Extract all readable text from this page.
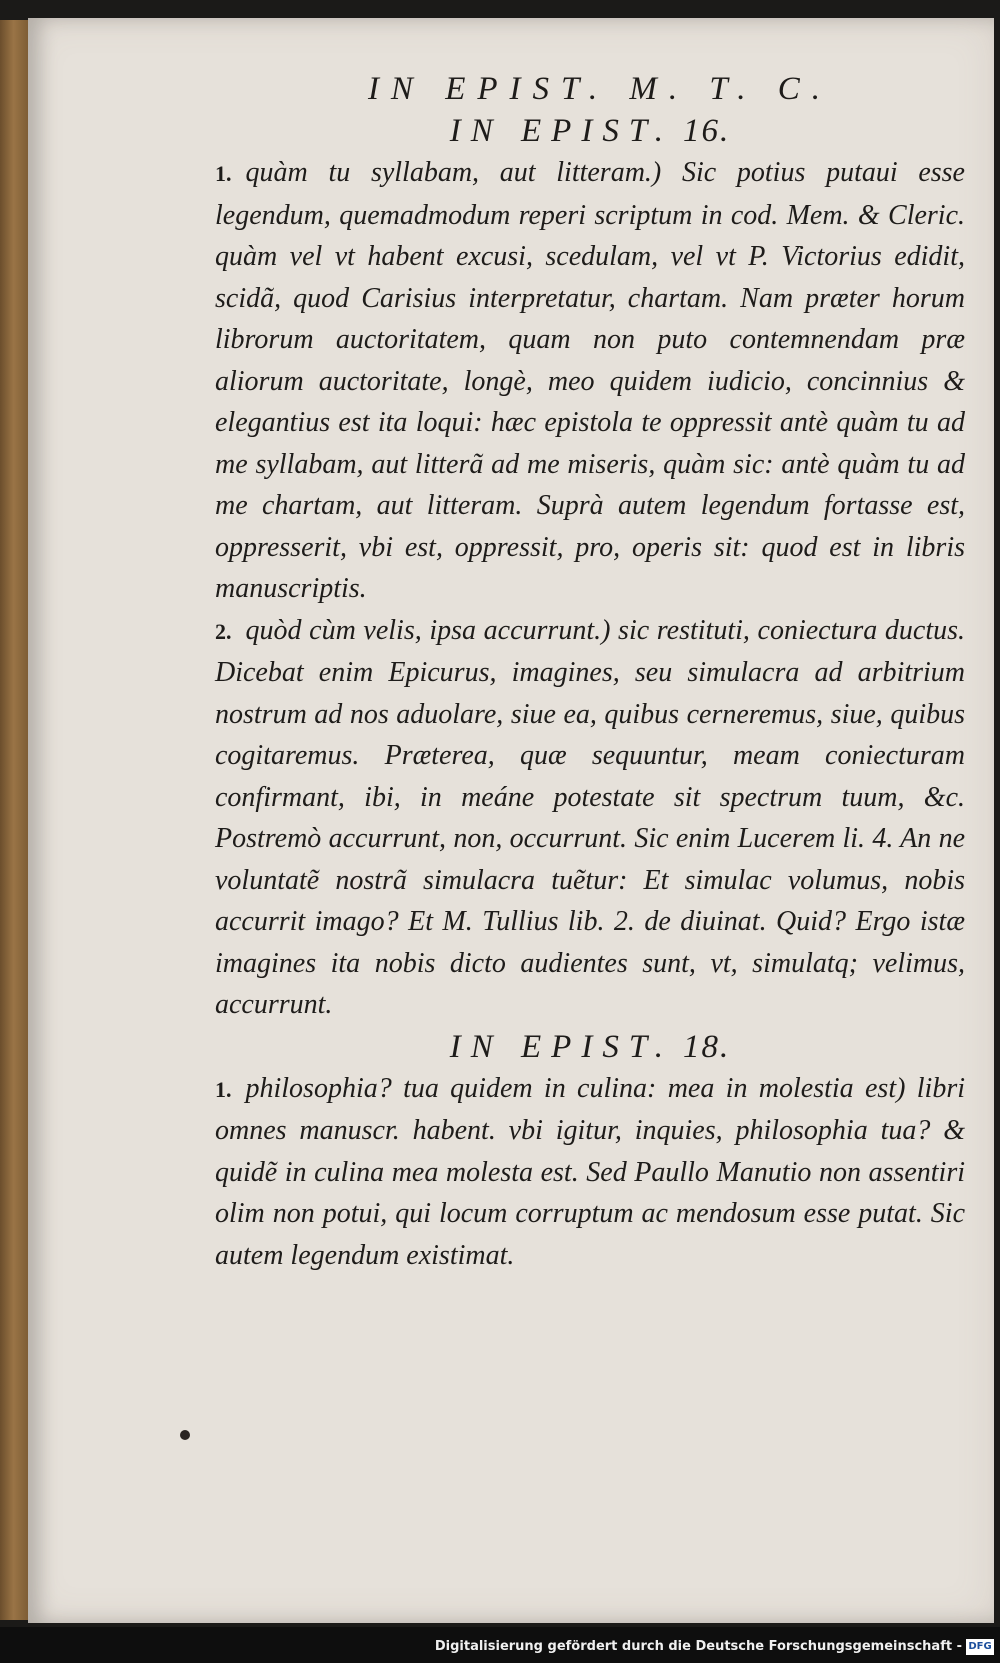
IN EPIST. M. T. C.
IN EPIST. 16.

1. quàm tu syllabam, aut litteram.) Sic potius putaui esse legendum, quemadmodum reperi scriptum in cod. Mem. & Cleric. quàm vel vt habent excusi, scedulam, vel vt P. Victorius edidit, scidã, quod Carisius interpretatur, chartam. Nam præter horum librorum auctoritatem, quam non puto contemnendam præ aliorum auctoritate, longè, meo quidem iudicio, concinnius & elegantius est ita loqui: hæc epistola te oppressit antè quàm tu ad me syllabam, aut litterã ad me miseris, quàm sic: antè quàm tu ad me chartam, aut litteram. Suprà autem legendum fortasse est, oppresserit, vbi est, oppressit, pro, operis sit: quod est in libris manuscriptis.

2. quòd cùm velis, ipsa accurrunt.) sic restituti, coniectura ductus. Dicebat enim Epicurus, imagines, seu simulacra ad arbitrium nostrum ad nos aduolare, siue ea, quibus cerneremus, siue, quibus cogitaremus. Præterea, quæ sequuntur, meam coniecturam confirmant, ibi, in meáne potestate sit spectrum tuum, &c. Postremò accurrunt, non, occurrunt. Sic enim Lucerет li. 4. An ne voluntatẽ nostrã simulacra tuẽtur: Et simulac volumus, nobis accurrit imago? Et M. Tullius lib. 2. de diuinat. Quid? Ergo istæ imagines ita nobis dicto audientes sunt, vt, simulatq; velimus, accurrunt.

IN EPIST. 18.

1. philosophia? tua quidem in culina: mea in molestia est) libri omnes manuscr. habent. vbi igitur, inquies, philosophia tua? & quidẽ in culina mea molesta est. Sed Paullo Manutio non assentiri olim non potui, qui locum corruptum ac mendosum esse putat. Sic autem legendum existimat.

Digitalisierung gefördert durch die Deutsche Forschungsgemeinschaft - DFG
